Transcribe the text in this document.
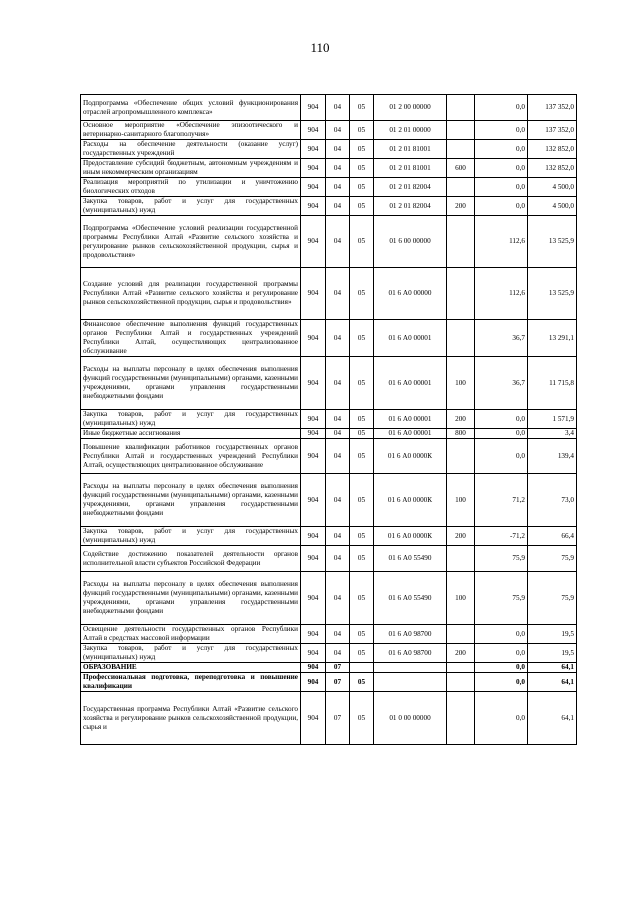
110
Подпрограмма «Обеспечение общих условий функционирования отраслей агропромышленного комплекса»	904	04	05	01 2 00 00000		0,0	137 352,0
Основное мероприятие «Обеспечение эпизоотического и ветеринарно-санитарного благополучия»	904	04	05	01 2 01 00000		0,0	137 352,0
Расходы на обеспечение деятельности (оказание услуг) государственных учреждений	904	04	05	01 2 01 81001		0,0	132 852,0
Предоставление субсидий бюджетным, автономным учреждениям и иным некоммерческим организациям	904	04	05	01 2 01 81001	600	0,0	132 852,0
Реализация мероприятий по утилизации и уничтожению биологических отходов	904	04	05	01 2 01 82004		0,0	4 500,0
Закупка товаров, работ и услуг для государственных (муниципальных) нужд	904	04	05	01 2 01 82004	200	0,0	4 500,0
Подпрограмма «Обеспечение условий реализации государственной программы Республики Алтай «Развитие сельского хозяйства и регулирование рынков сельскохозяйственной продукции, сырья и продовольствия»	904	04	05	01 6 00 00000		112,6	13 525,9
Создание условий для реализации государственной программы Республики Алтай «Развитие сельского хозяйства и регулирование рынков сельскохозяйственной продукции, сырья и продовольствия»	904	04	05	01 6 А0 00000		112,6	13 525,9
Финансовое обеспечение выполнения функций государственных органов Республики Алтай и государственных учреждений Республики Алтай, осуществляющих централизованное обслуживание	904	04	05	01 6 А0 00001		36,7	13 291,1
Расходы на выплаты персоналу в целях обеспечения выполнения функций государственными (муниципальными) органами, казенными учреждениями, органами управления государственными внебюджетными фондами	904	04	05	01 6 А0 00001	100	36,7	11 715,8
Закупка товаров, работ и услуг для государственных (муниципальных) нужд	904	04	05	01 6 А0 00001	200	0,0	1 571,9
Иные бюджетные ассигнования	904	04	05	01 6 А0 00001	800	0,0	3,4
Повышение квалификации работников государственных органов Республики Алтай и государственных учреждений Республики Алтай, осуществляющих централизованное обслуживание	904	04	05	01 6 А0 0000К		0,0	139,4
Расходы на выплаты персоналу в целях обеспечения выполнения функций государственными (муниципальными) органами, казенными учреждениями, органами управления государственными внебюджетными фондами	904	04	05	01 6 А0 0000К	100	71,2	73,0
Закупка товаров, работ и услуг для государственных (муниципальных) нужд	904	04	05	01 6 А0 0000К	200	-71,2	66,4
Содействие достижению показателей деятельности органов исполнительной власти субъектов Российской Федерации	904	04	05	01 6 А0 55490		75,9	75,9
Расходы на выплаты персоналу в целях обеспечения выполнения функций государственными (муниципальными) органами, казенными учреждениями, органами управления государственными внебюджетными фондами	904	04	05	01 6 А0 55490	100	75,9	75,9
Освещение деятельности государственных органов Республики Алтай в средствах массовой информации	904	04	05	01 6 А0 98700		0,0	19,5
Закупка товаров, работ и услуг для государственных (муниципальных) нужд	904	04	05	01 6 А0 98700	200	0,0	19,5
ОБРАЗОВАНИЕ	904	07				0,0	64,1
Профессиональная подготовка, переподготовка и повышение квалификации	904	07	05			0,0	64,1
Государственная программа Республики Алтай «Развитие сельского хозяйства и регулирование рынков сельскохозяйственной продукции, сырья и	904	07	05	01 0 00 00000		0,0	64,1
